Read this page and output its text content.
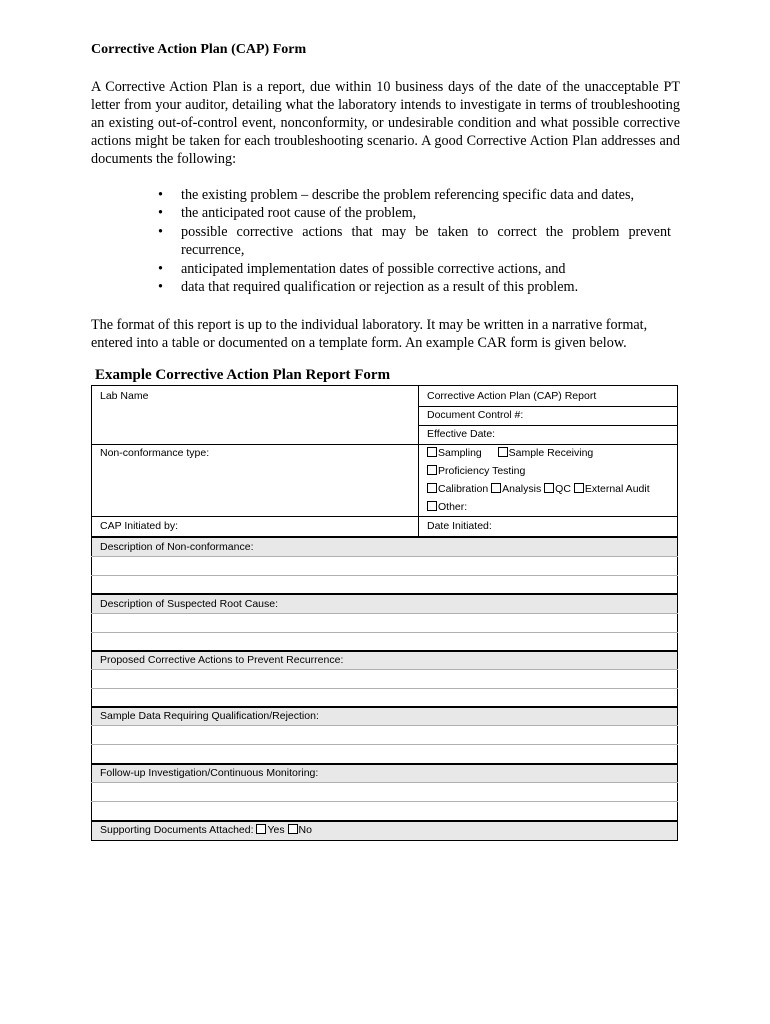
Corrective Action Plan (CAP) Form

A Corrective Action Plan is a report, due within 10 business days of the date of the unacceptable PT letter from your auditor, detailing what the laboratory intends to investigate in terms of troubleshooting an existing out-of-control event, nonconformity, or undesirable condition and what possible corrective actions might be taken for each troubleshooting scenario. A good Corrective Action Plan addresses and documents the following:

• the existing problem – describe the problem referencing specific data and dates,
• the anticipated root cause of the problem,
• possible corrective actions that may be taken to correct the problem prevent recurrence,
• anticipated implementation dates of possible corrective actions, and
• data that required qualification or rejection as a result of this problem.

The format of this report is up to the individual laboratory. It may be written in a narrative format, entered into a table or documented on a template form. An example CAR form is given below.

Example Corrective Action Plan Report Form
Lab Name	Corrective Action Plan (CAP) Report
Document Control #:
Effective Date:
Non-conformance type:	Sampling	Sample Receiving
Proficiency Testing
Calibration Analysis QC External Audit
Other:
CAP Initiated by:	Date Initiated:
Description of Non-conformance:
Description of Suspected Root Cause:
Proposed Corrective Actions to Prevent Recurrence:
Sample Data Requiring Qualification/Rejection:
Follow-up Investigation/Continuous Monitoring:
Supporting Documents Attached: Yes No
